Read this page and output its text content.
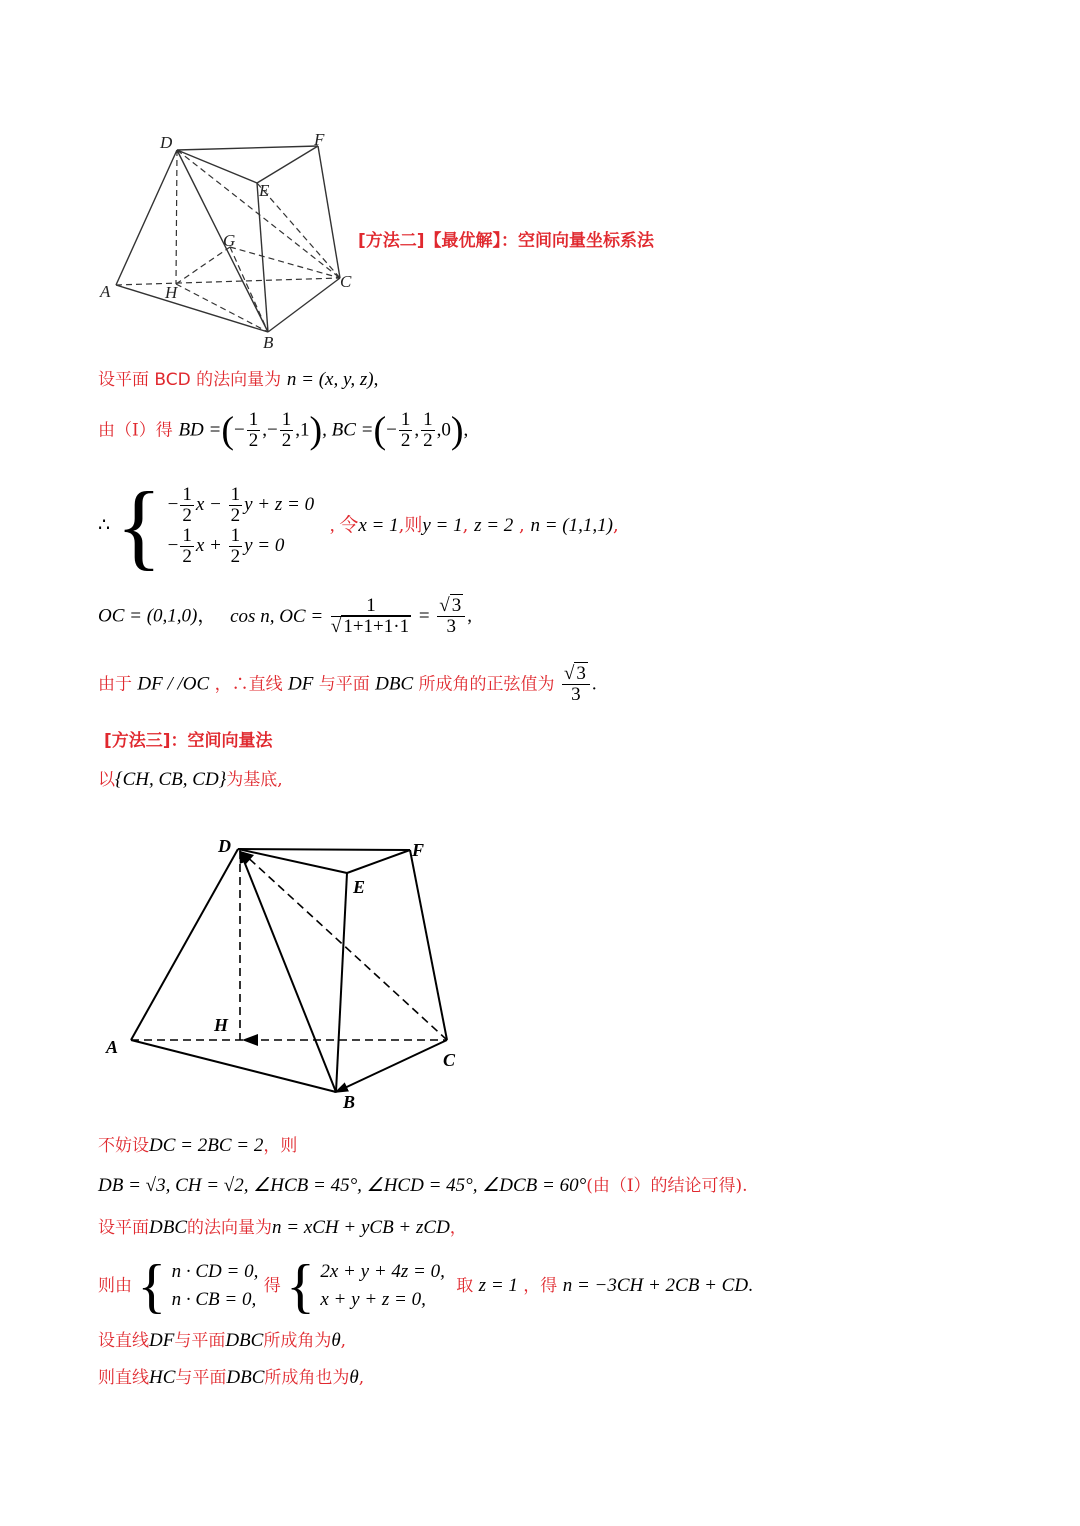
D	F
E
G
C
A	H
B
[方法二]【最优解】：空间向量坐标系法
设平面 BCD 的法向量为 n = (x, y, z),
由（Ⅰ）得 BD =(− $\frac{1}{2}$ ,− $\frac{1}{2} ,1$), BC =(− $\frac{1}{2}$ , $\frac{1}{2} ,0$),
∴ { − $\frac{1}{2}$ $x - \frac{1}{2}$ y + z = 0
− $\frac{1}{2}$ $x + \frac{1}{2}$ y = 0
, 令x = 1,则y = 1, z = 2 , n = (1,1,1),
OC = (0,1,0)， cos n, OC = $\frac{1}{√ 1+1+1\cdot 1} = \frac{√ 3}{3}$ ,
由于 DF / /OC ，∴直线 DF 与平面 DBC 所成角的正弦值为 $\frac{√ 3}{3}$ .
[方法三]：空间向量法
以{CH, CB, CD}为基底,
D	F
E
H
A
C
B
不妨设DC = 2BC = 2，则
DB = √3, CH = √2, ∠HCB = 45°, ∠HCD = 45°, ∠DCB = 60°(由（Ⅰ）的结论可得).
设平面DBC的法向量为n = xCH + yCB + zCD，
则由 { n · CD = 0,
n · CB = 0,
得 { 2x + y + 4z = 0,
x + y + z = 0,
取 z = 1 ，得 n = −3CH + 2CB + CD.
设直线DF与平面DBC所成角为θ,
则直线HC与平面DBC所成角也为θ,
